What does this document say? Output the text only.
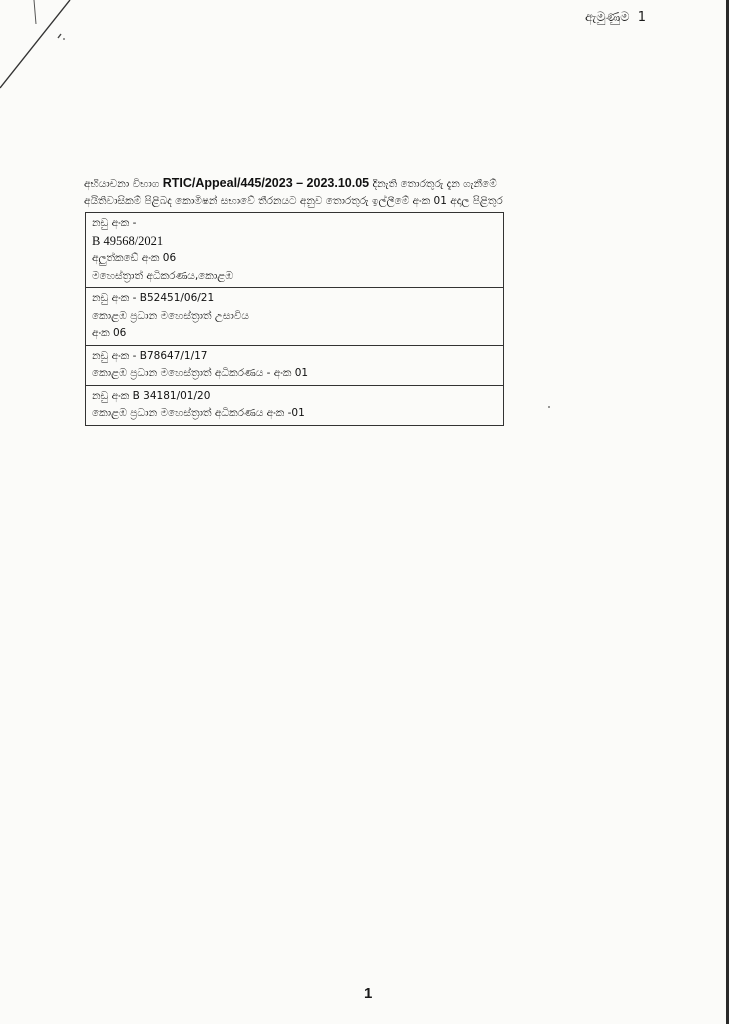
ඇමුණුම 1
අභියාචනා විභාග RTIC/Appeal/445/2023 – 2023.10.05 දිනැති තොරතුරු දැන ගැනීමේ
අයිතිවාසිකම් පිළිබද කොමිෂන් සභාවේ තීරනයට අනුව තොරතුරු ඉල්ලීමේ අංක 01 අදාල පිළිතුර
නඩු අංක -
B 49568/2021
අලුත්කඩේ අංක 06
මහෙස්ත්‍රාත් අධිකරණය,කොළඹ
නඩු අංක - B52451/06/21
කොළඹ ප්‍රධාන මහෙස්ත්‍රාත් උසාවිය
අංක 06
නඩු අංක - B78647/1/17
කොළඹ ප්‍රධාන මහෙස්ත්‍රාත් අධිකරණය - අංක 01
නඩු අංක B 34181/01/20
කොළඹ ප්‍රධාන මහෙස්ත්‍රාත් අධිකරණය අංක -01
1
